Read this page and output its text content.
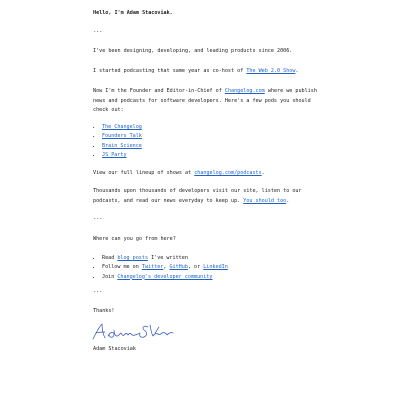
Hello, I'm Adam Stacoviak.
---
I've been designing, developing, and leading products since 2006.
I started podcasting that same year as co-host of The Web 2.0 Show.
Now I'm the Founder and Editor-in-Chief of Changelog.com where we publish news and podcasts for software developers. Here's a few pods you should check out:
• The Changelog
• Founders Talk
• Brain Science
• JS Party
View our full lineup of shows at changelog.com/podcasts.
Thousands upon thousands of developers visit our site, listen to our podcasts, and read our news everyday to keep up. You should too.
---
Where can you go from here?
• Read blog posts I've written
• Follow me on Twitter, GitHub, or LinkedIn
• Join Changelog's developer community
---
Thanks!
Adam Stacoviak
